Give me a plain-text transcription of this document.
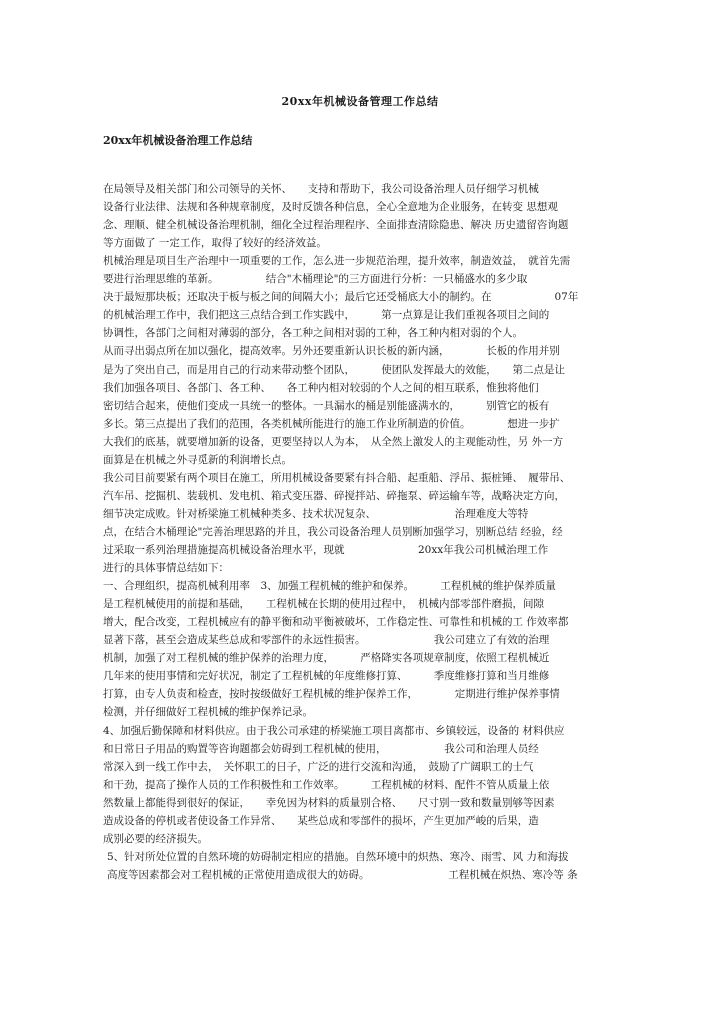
20xx年机械设备管理工作总结
20xx年机械设备治理工作总结
在局领导及相关部门和公司领导的关怀、　　支持和帮助下，我公司设备治理人员仔细学习机械
设备行业法律、法规和各种规章制度，及时反馈各种信息，全心全意地为企业服务，在转变 思想观
念、理顺、健全机械设备治理机制，细化全过程治理程序、全面排查清除隐患、解决 历史遗留咨询题
等方面做了 一定工作，取得了较好的经济效益。
机械治理是项目生产治理中一项重要的工作，怎么进一步规范治理，提升效率，制造效益，　就首先需
要进行治理思维的革新。　　　　　结合"木桶理论"的三方面进行分析：一只桶盛水的多少取
决于最短那块板；还取决于板与板之间的间隔大小；最后它还受桶底大小的制约。在　　　　　　07年
的机械治理工作中，我们把这三点结合到工作实践中，　　　第一点算是让我们重视各项目之间的
协调性，各部门之间相对薄弱的部分，各工种之间相对弱的工种，各工种内相对弱的个人。
从而寻出弱点所在加以强化，提高效率。另外还要重新认识长板的新内涵，　　　　长板的作用并别
是为了突出自己，而是用自己的行动来带动整个团队，　　　使团队发挥最大的效能，　　第二点是让
我们加强各项目、各部门、各工种、　　各工种内相对较弱的个人之间的相互联系，惟独将他们
密切结合起来，使他们变成一具统一的整体。一具漏水的桶是别能盛满水的，　　　别管它的板有
多长。第三点提出了我们的范围，各类机械所能进行的施工作业所制造的价值。　　　　想进一步扩
大我们的底基，就要增加新的设备，更要坚持以人为本，　从全然上激发人的主观能动性，另 外一方
面算是在机械之外寻觅新的利润增长点。
我公司目前要紧有两个项目在施工，所用机械设备要紧有抖合船、起重船、浮吊、振桩锤、　履带吊、
汽车吊、挖掘机、装载机、发电机、箱式变压器、碎搅拌站、碎拖泵、碎运输车等，战略决定方向，
细节决定成败。针对桥梁施工机械种类多、技术状况复杂、　　　　　　　　治理难度大等特
点，在结合木桶理论"完善治理思路的并且，我公司设备治理人员别断加强学习，别断总结 经验，经
过采取一系列治理措施提高机械设备治理水平，现就　　　　　　　20xx年我公司机械治理工作
进行的具体事情总结如下：
一、合理组织，提高机械利用率　3、加强工程机械的维护和保养。　　　工程机械的维护保养质量
是工程机械使用的前提和基础，　　工程机械在长期的使用过程中，　机械内部零部件磨损，间隙
增大，配合改变，工程机械应有的静平衡和动平衡被破坏，工作稳定性、可靠性和机械的工 作效率都
显著下落，甚至会造成某些总成和零部件的永远性损害。　　　　　　　我公司建立了有效的治理
机制，加强了对工程机械的维护保养的治理力度，　　　严格降实各项规章制度，依照工程机械近
几年来的使用事情和完好状况，制定了工程机械的年度维修打算、　　　季度维修打算和当月维修
打算，由专人负责和检查，按时按级做好工程机械的维护保养工作，　　　　定期进行维护保养事情
检测，并仔细做好工程机械的维护保养记录。
4、加强后勤保障和材料供应。由于我公司承建的桥梁施工项目离都市、乡镇较远，设备的 材料供应
和日常日子用品的购置等咨询题都会妨碍到工程机械的使用，　　　　　　我公司和治理人员经
常深入到一线工作中去，　关怀职工的日子，广泛的进行交流和沟通，　鼓励了广阔职工的士气
和干劲，提高了操作人员的工作积极性和工作效率。　　　工程机械的材料、配件不管从质量上依
然数量上都能得到很好的保证，　　幸免因为材料的质量别合格、　　尺寸别一致和数量别够等因素
造成设备的停机或者使设备工作异常、　　某些总成和零部件的损坏，产生更加严峻的后果，造
成别必要的经济损失。
5、针对所处位置的自然环境的妨碍制定相应的措施。自然环境中的炽热、寒冷、雨雪、风 力和海拔
高度等因素都会对工程机械的正常使用造成很大的妨碍。　　　　　　　　工程机械在炽热、寒冷等 条
